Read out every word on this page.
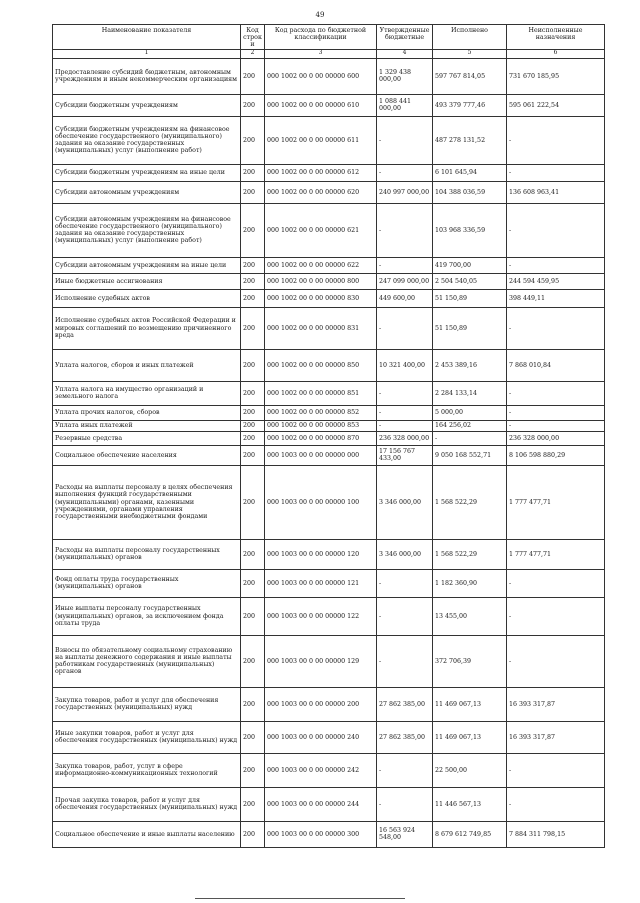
49
Наименование показателя	Код строки	Код расхода по бюджетной классификации	Утвержденные бюджетные	Исполнено	Неисполненные назначения
1	2	3	4	5	6
Предоставление субсидий бюджетным, автономным учреждениям и иным некоммерческим организациям	200	000 1002 00 0 00 00000 600	1 329 438 000,00	597 767 814,05	731 670 185,95
Субсидии бюджетным учреждениям	200	000 1002 00 0 00 00000 610	1 088 441 000,00	493 379 777,46	595 061 222,54
Субсидии бюджетным учреждениям на финансовое обеспечение государственного (муниципального) задания на оказание государственных (муниципальных) услуг (выполнение работ)	200	000 1002 00 0 00 00000 611	-	487 278 131,52	-
Субсидии бюджетным учреждениям на иные цели	200	000 1002 00 0 00 00000 612	-	6 101 645,94	-
Субсидии автономным учреждениям	200	000 1002 00 0 00 00000 620	240 997 000,00	104 388 036,59	136 608 963,41
Субсидии автономным учреждениям на финансовое обеспечение государственного (муниципального) задания на оказание государственных (муниципальных) услуг (выполнение работ)	200	000 1002 00 0 00 00000 621	-	103 968 336,59	-
Субсидии автономным учреждениям на иные цели	200	000 1002 00 0 00 00000 622	-	419 700,00	-
Иные бюджетные ассигнования	200	000 1002 00 0 00 00000 800	247 099 000,00	2 504 540,05	244 594 459,95
Исполнение судебных актов	200	000 1002 00 0 00 00000 830	449 600,00	51 150,89	398 449,11
Исполнение судебных актов Российской Федерации и мировых соглашений по возмещению причиненного вреда	200	000 1002 00 0 00 00000 831	-	51 150,89	-
Уплата налогов, сборов и иных платежей	200	000 1002 00 0 00 00000 850	10 321 400,00	2 453 389,16	7 868 010,84
Уплата налога на имущество организаций и земельного налога	200	000 1002 00 0 00 00000 851	-	2 284 133,14	-
Уплата прочих налогов, сборов	200	000 1002 00 0 00 00000 852	-	5 000,00	-
Уплата иных платежей	200	000 1002 00 0 00 00000 853	-	164 256,02	-
Резервные средства	200	000 1002 00 0 00 00000 870	236 328 000,00	-	236 328 000,00
Социальное обеспечение населения	200	000 1003 00 0 00 00000 000	17 156 767 433,00	9 050 168 552,71	8 106 598 880,29
Расходы на выплаты персоналу в целях обеспечения выполнения функций государственными (муниципальными) органами, казенными учреждениями, органами управления государственными внебюджетными фондами	200	000 1003 00 0 00 00000 100	3 346 000,00	1 568 522,29	1 777 477,71
Расходы на выплаты персоналу государственных (муниципальных) органов	200	000 1003 00 0 00 00000 120	3 346 000,00	1 568 522,29	1 777 477,71
Фонд оплаты труда государственных (муниципальных) органов	200	000 1003 00 0 00 00000 121	-	1 182 360,90	-
Иные выплаты персоналу государственных (муниципальных) органов, за исключением фонда оплаты труда	200	000 1003 00 0 00 00000 122	-	13 455,00	-
Взносы по обязательному социальному страхованию на выплаты денежного содержания и иные выплаты работникам государственных (муниципальных) органов	200	000 1003 00 0 00 00000 129	-	372 706,39	-
Закупка товаров, работ и услуг для обеспечения государственных (муниципальных) нужд	200	000 1003 00 0 00 00000 200	27 862 385,00	11 469 067,13	16 393 317,87
Иные закупки товаров, работ и услуг для обеспечения государственных (муниципальных) нужд	200	000 1003 00 0 00 00000 240	27 862 385,00	11 469 067,13	16 393 317,87
Закупка товаров, работ, услуг в сфере информационно-коммуникационных технологий	200	000 1003 00 0 00 00000 242	-	22 500,00	-
Прочая закупка товаров, работ и услуг для обеспечения государственных (муниципальных) нужд	200	000 1003 00 0 00 00000 244	-	11 446 567,13	-
Социальное обеспечение и иные выплаты населению	200	000 1003 00 0 00 00000 300	16 563 924 548,00	8 679 612 749,85	7 884 311 798,15
